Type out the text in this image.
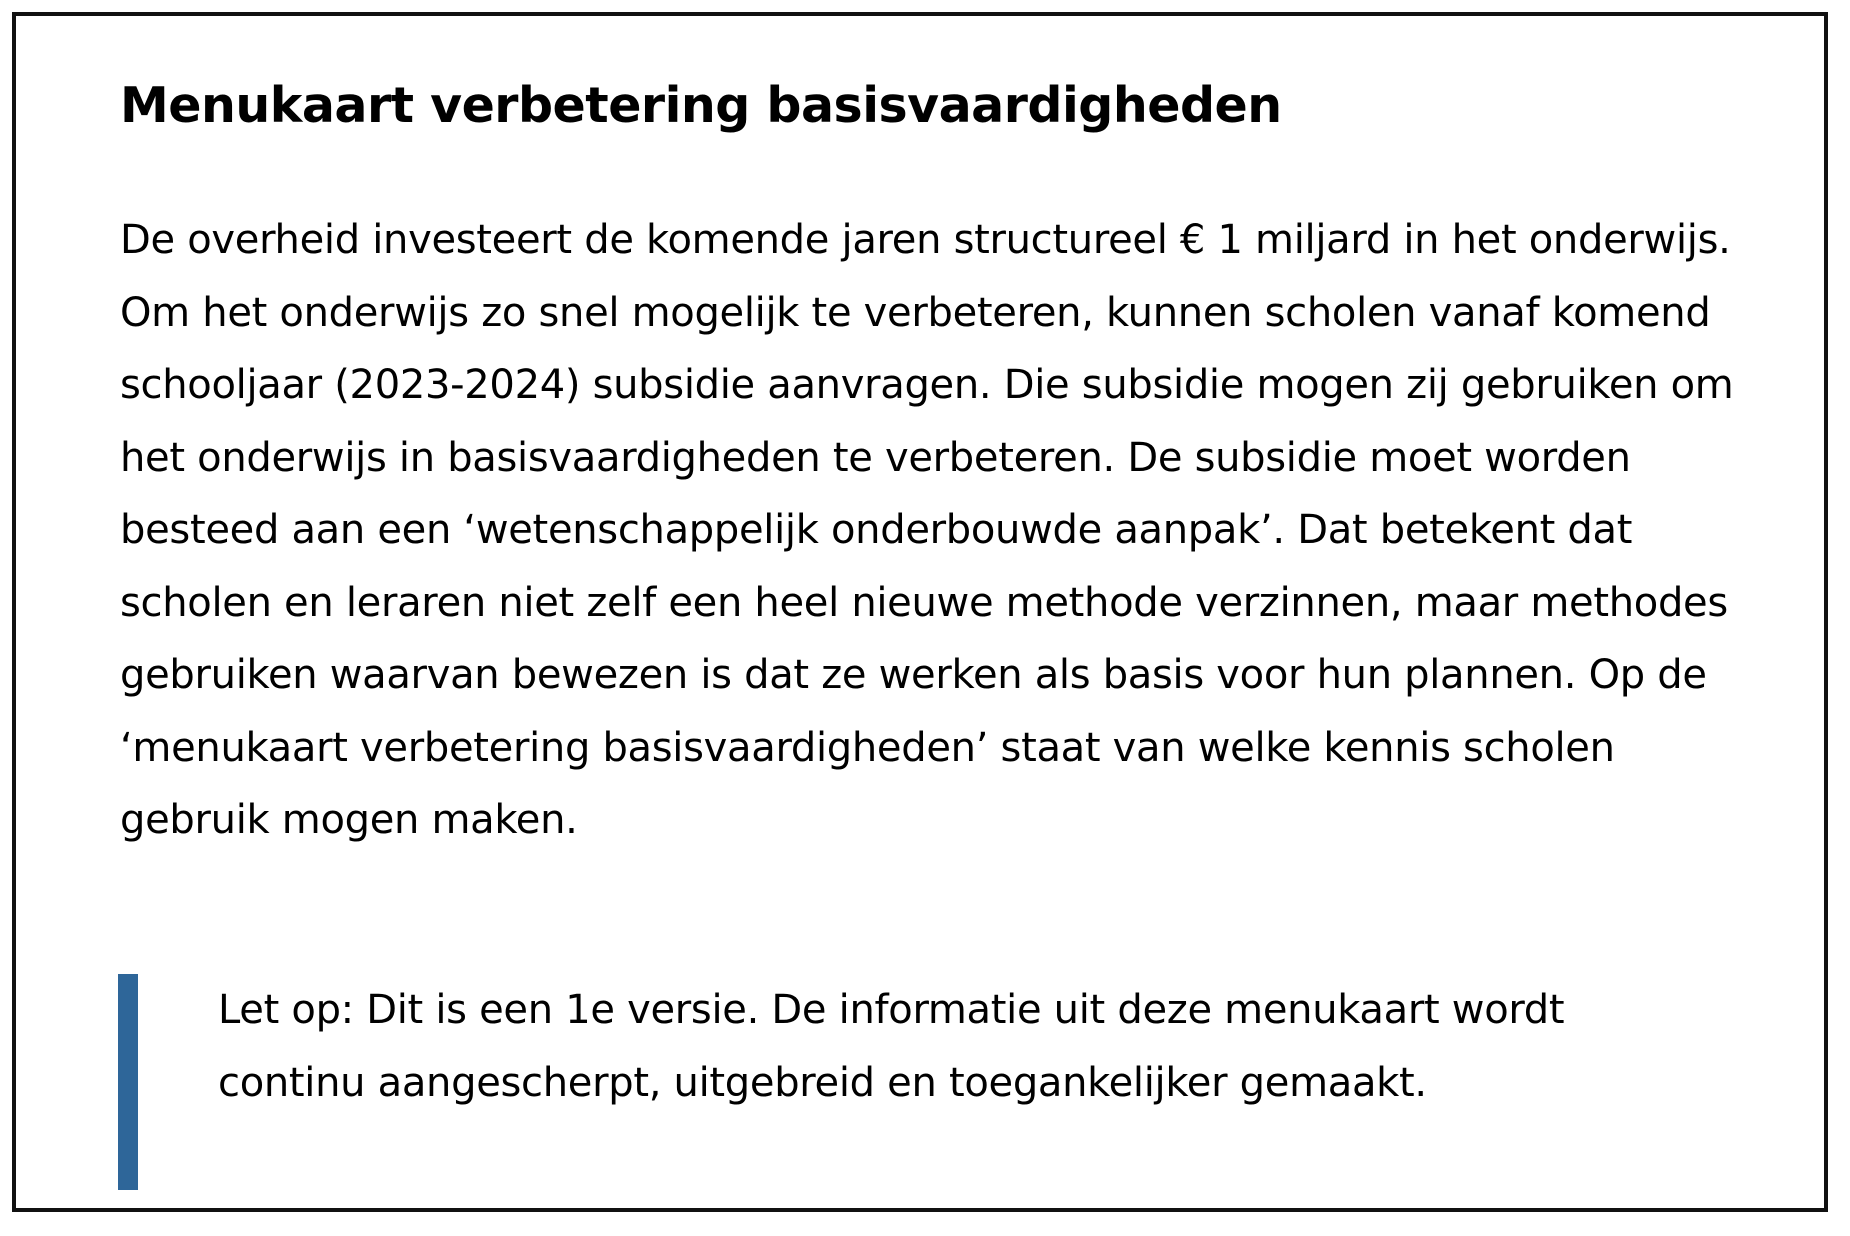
Menukaart verbetering basisvaardigheden

De overheid investeert de komende jaren structureel € 1 miljard in het onderwijs. Om het onderwijs zo snel mogelijk te verbeteren, kunnen scholen vanaf komend schooljaar (2023-2024) subsidie aanvragen. Die subsidie mogen zij gebruiken om het onderwijs in basisvaardigheden te verbeteren. De subsidie moet worden besteed aan een ‘wetenschappelijk onderbouwde aanpak’. Dat betekent dat scholen en leraren niet zelf een heel nieuwe methode verzinnen, maar methodes gebruiken waarvan bewezen is dat ze werken als basis voor hun plannen. Op de ‘menukaart verbetering basisvaardigheden’ staat van welke kennis scholen gebruik mogen maken.

Let op: Dit is een 1e versie. De informatie uit deze menukaart wordt continu aangescherpt, uitgebreid en toegankelijker gemaakt.
